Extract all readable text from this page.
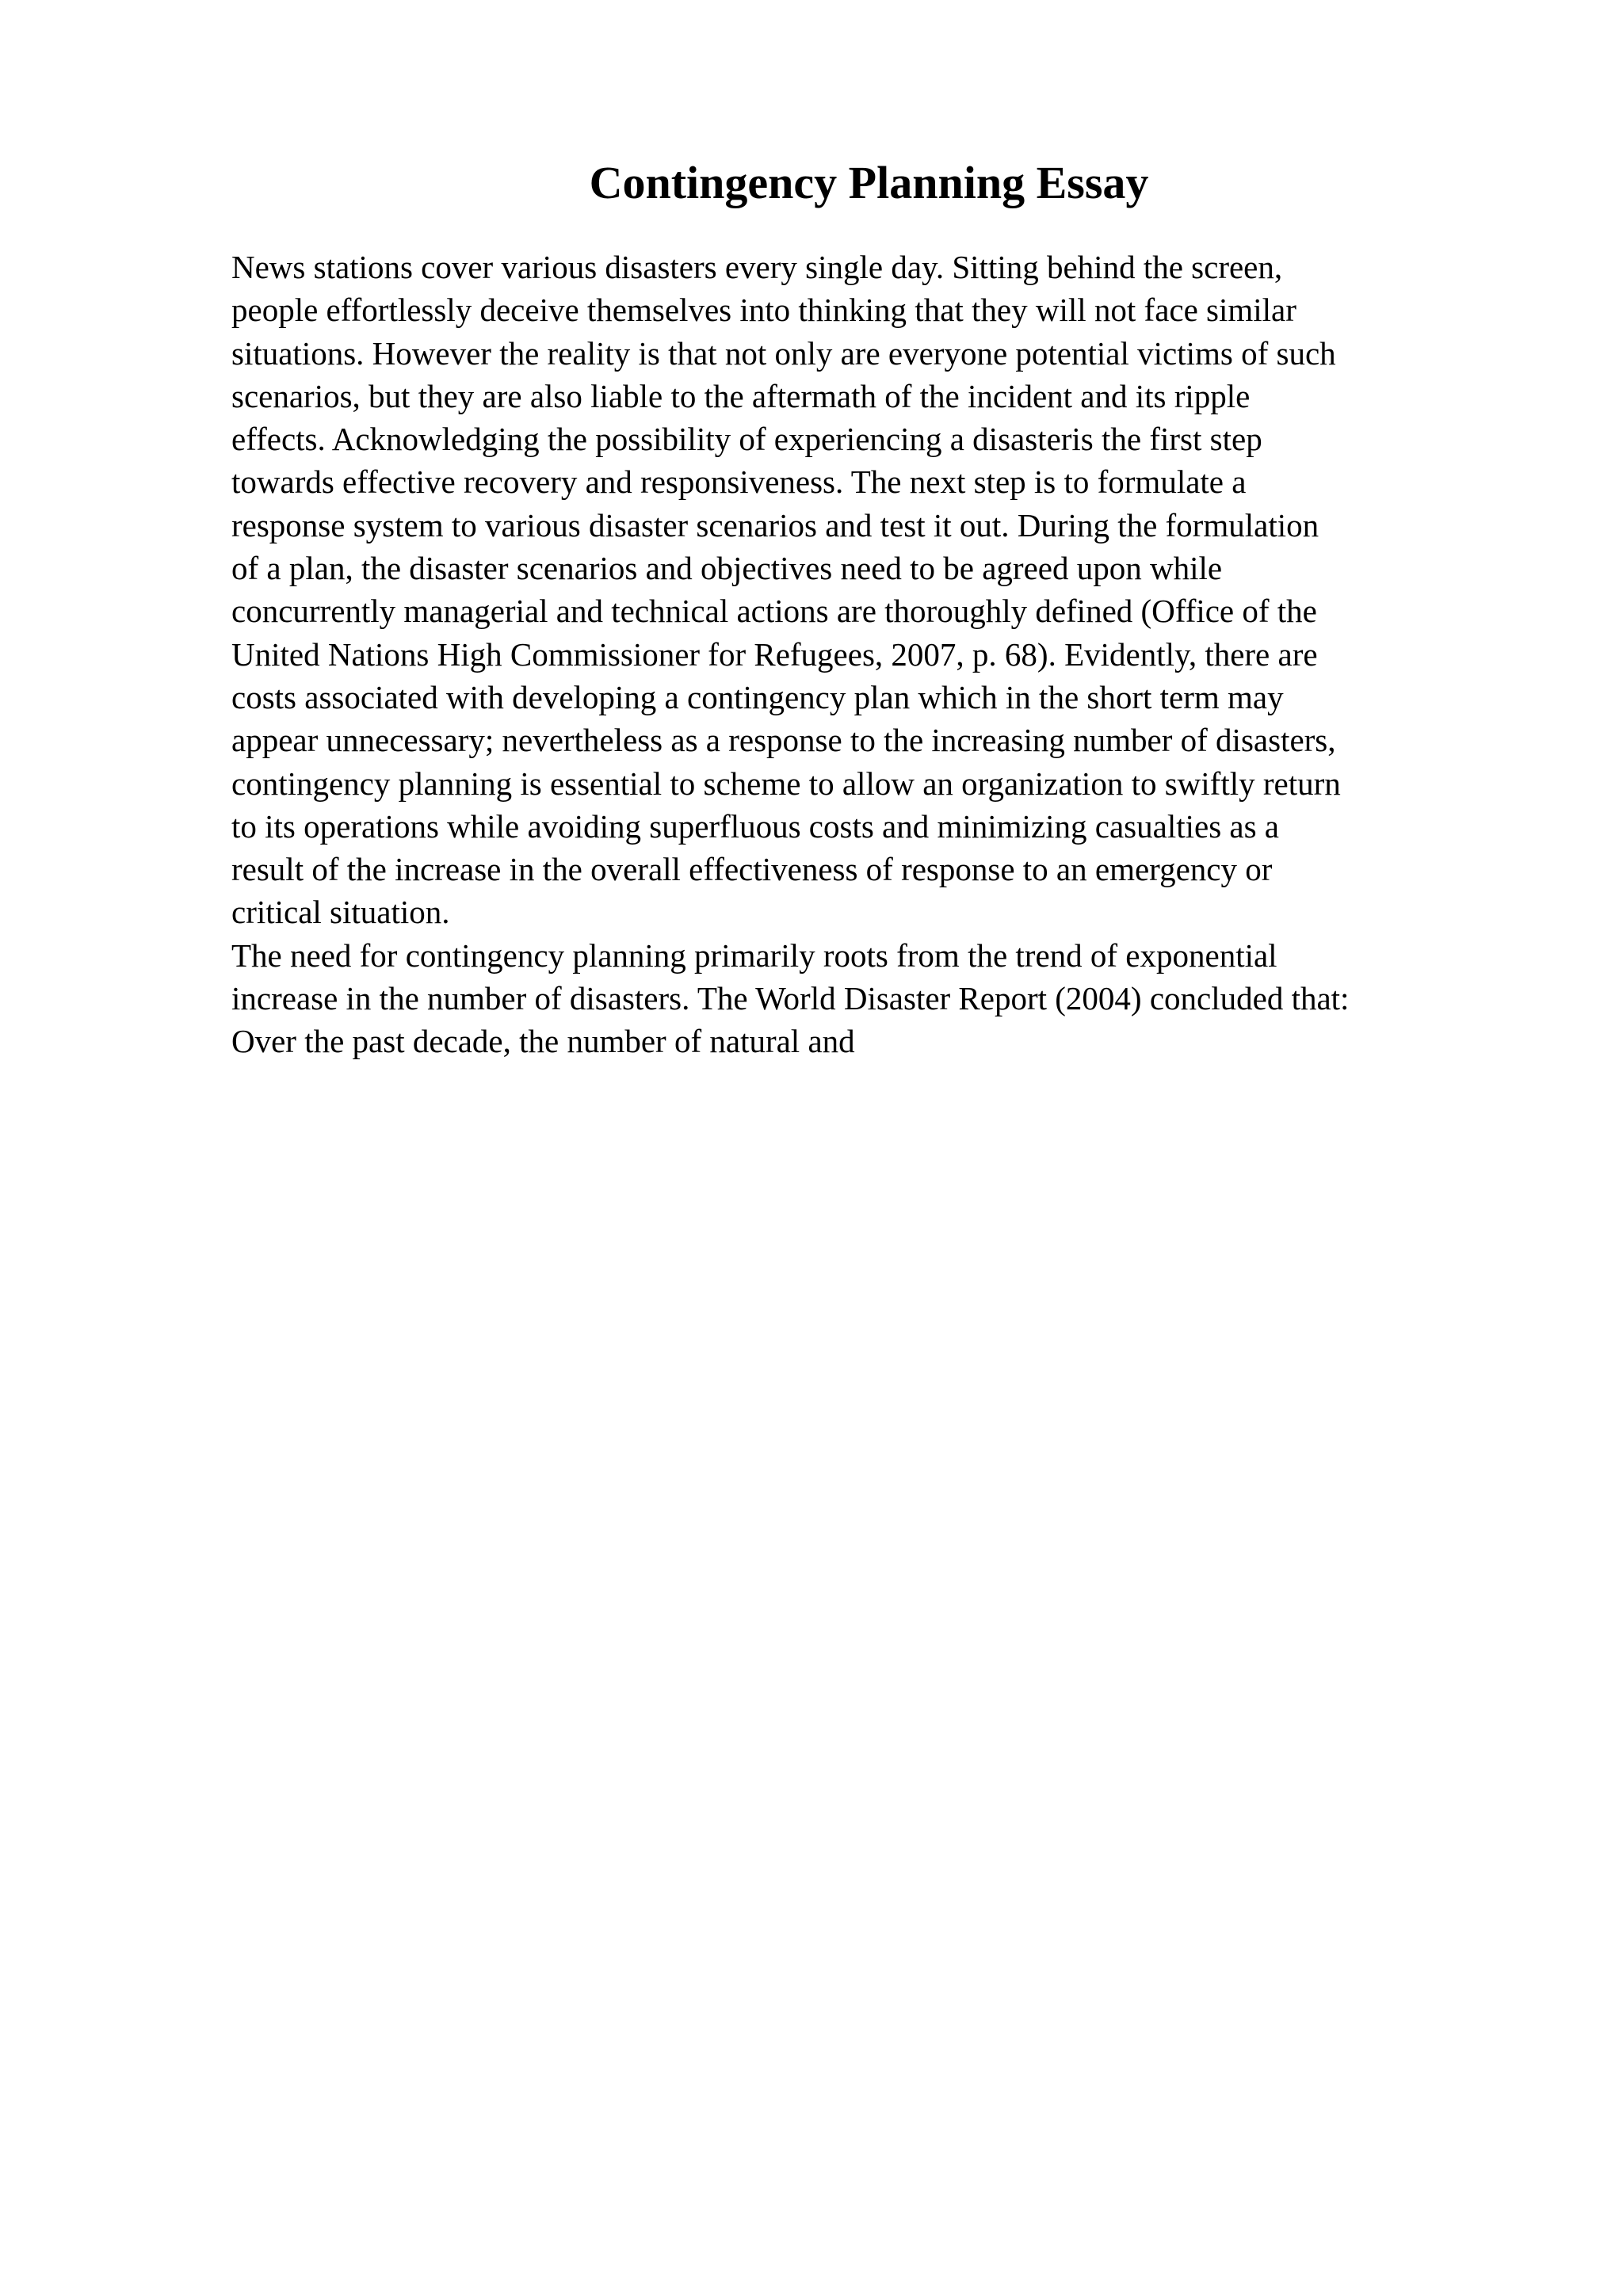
Contingency Planning Essay
News stations cover various disasters every single day. Sitting behind the screen,
people effortlessly deceive themselves into thinking that they will not face similar
situations. However the reality is that not only are everyone potential victims of such
scenarios, but they are also liable to the aftermath of the incident and its ripple
effects. Acknowledging the possibility of experiencing a disasteris the first step
towards effective recovery and responsiveness. The next step is to formulate a
response system to various disaster scenarios and test it out. During the formulation
of a plan, the disaster scenarios and objectives need to be agreed upon while
concurrently managerial and technical actions are thoroughly defined (Office of the
United Nations High Commissioner for Refugees, 2007, p. 68). Evidently, there are
costs associated with developing a contingency plan which in the short term may
appear unnecessary; nevertheless as a response to the increasing number of disasters,
contingency planning is essential to scheme to allow an organization to swiftly return
to its operations while avoiding superfluous costs and minimizing casualties as a
result of the increase in the overall effectiveness of response to an emergency or
critical situation.
The need for contingency planning primarily roots from the trend of exponential
increase in the number of disasters. The World Disaster Report (2004) concluded that:
Over the past decade, the number of natural and
